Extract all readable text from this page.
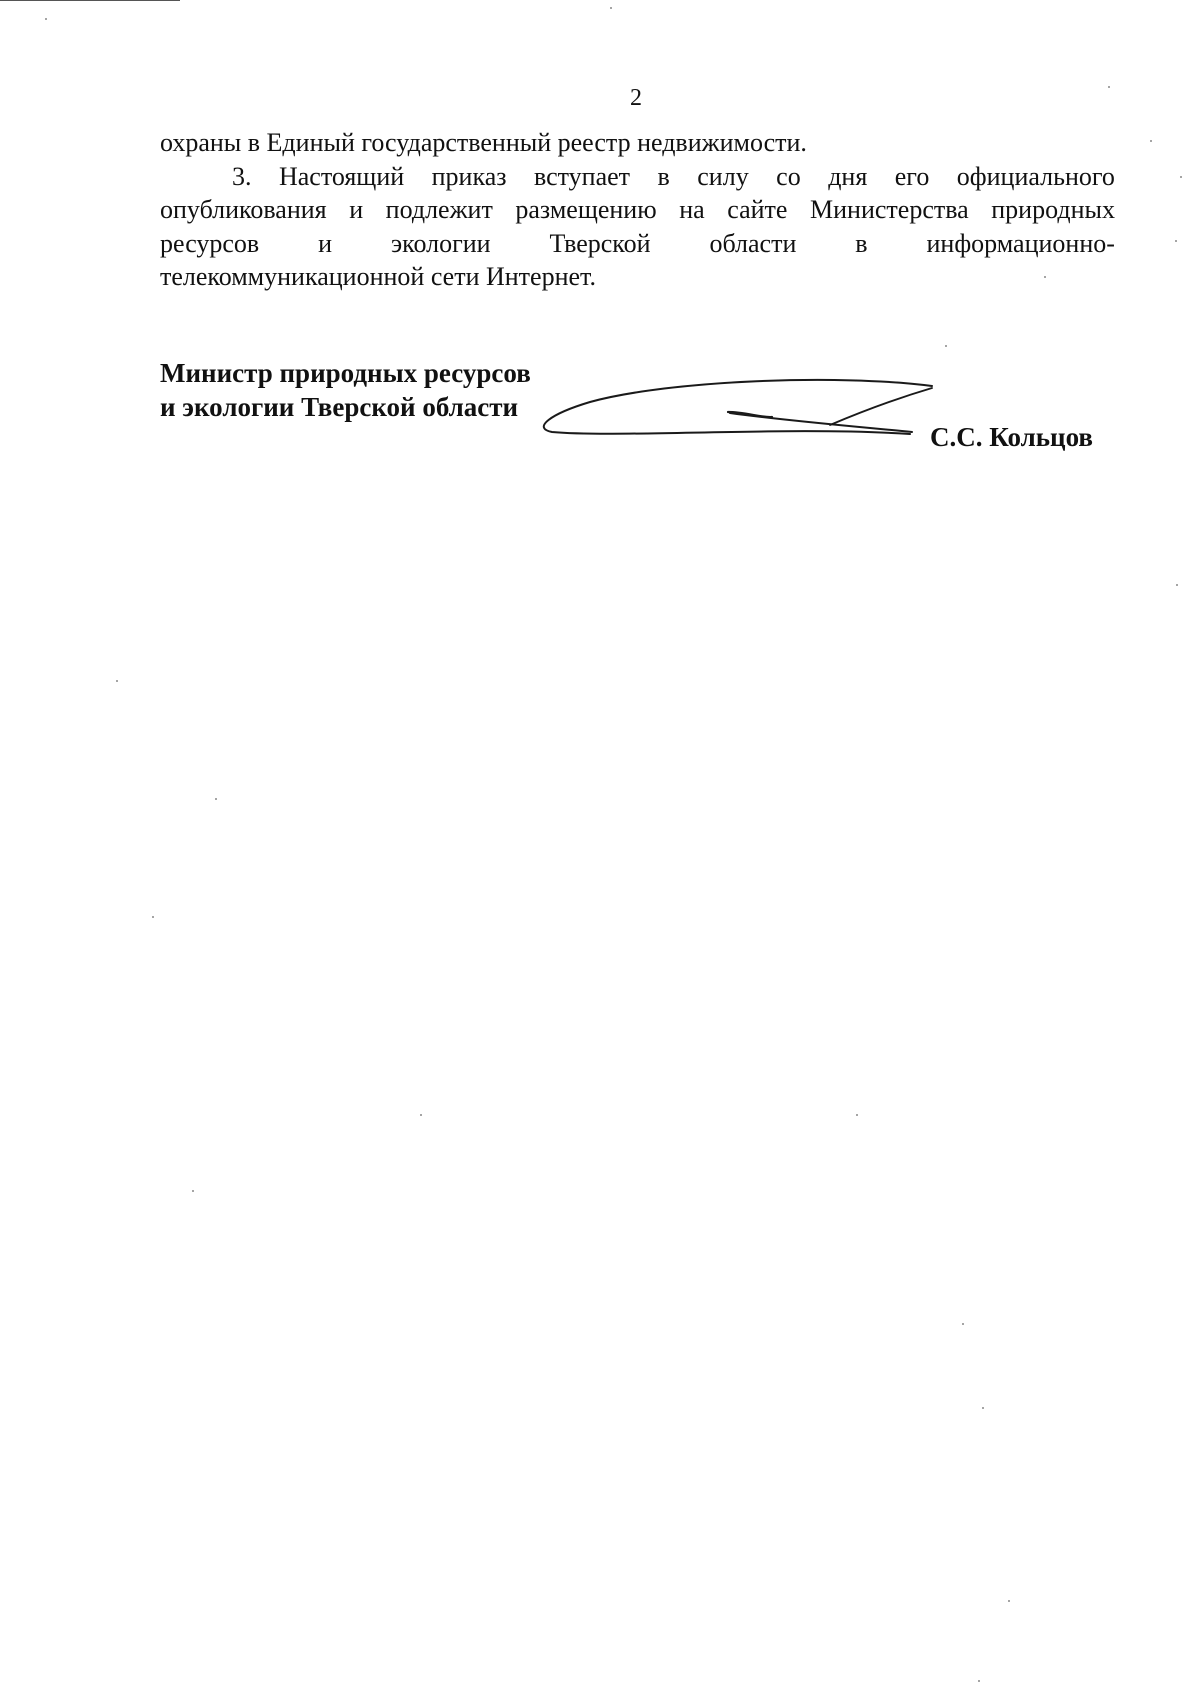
2
охраны в Единый государственный реестр недвижимости.
3. Настоящий приказ вступает в силу со дня его официального
опубликования и подлежит размещению на сайте Министерства природных
ресурсов и экологии Тверской области в информационно-
телекоммуникационной сети Интернет.
Министр природных ресурсов
и экологии Тверской области
С.С. Кольцов
